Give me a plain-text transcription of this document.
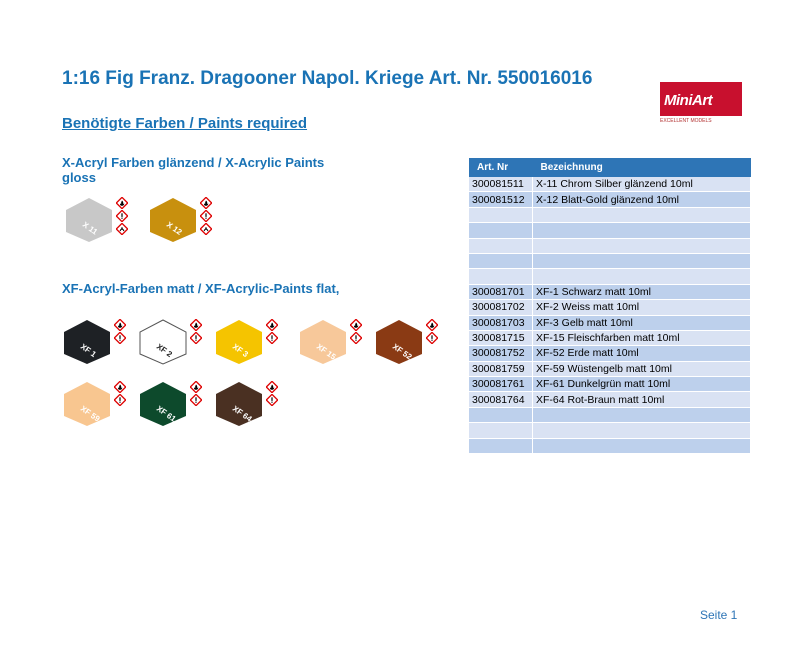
1:16 Fig Franz. Dragooner Napol. Kriege Art. Nr. 550016016
Benötigte Farben / Paints required
MiniArt
EXCELLENT MODELS
X-Acryl Farben glänzend / X-Acrylic Paints gloss
X 11	X 12
XF-Acryl-Farben matt / XF-Acrylic-Paints flat,
XF 1	XF 2	XF 3	XF 15	XF 52
XF 59	XF 61	XF 64
Art. Nr	Bezeichnung
300081511	X-11 Chrom Silber glänzend 10ml
300081512	X-12 Blatt-Gold glänzend 10ml

300081701	XF-1 Schwarz matt 10ml
300081702	XF-2 Weiss matt 10ml
300081703	XF-3 Gelb matt 10ml
300081715	XF-15 Fleischfarben matt 10ml
300081752	XF-52 Erde matt 10ml
300081759	XF-59 Wüstengelb matt 10ml
300081761	XF-61 Dunkelgrün matt 10ml
300081764	XF-64 Rot-Braun matt 10ml

Seite 1
